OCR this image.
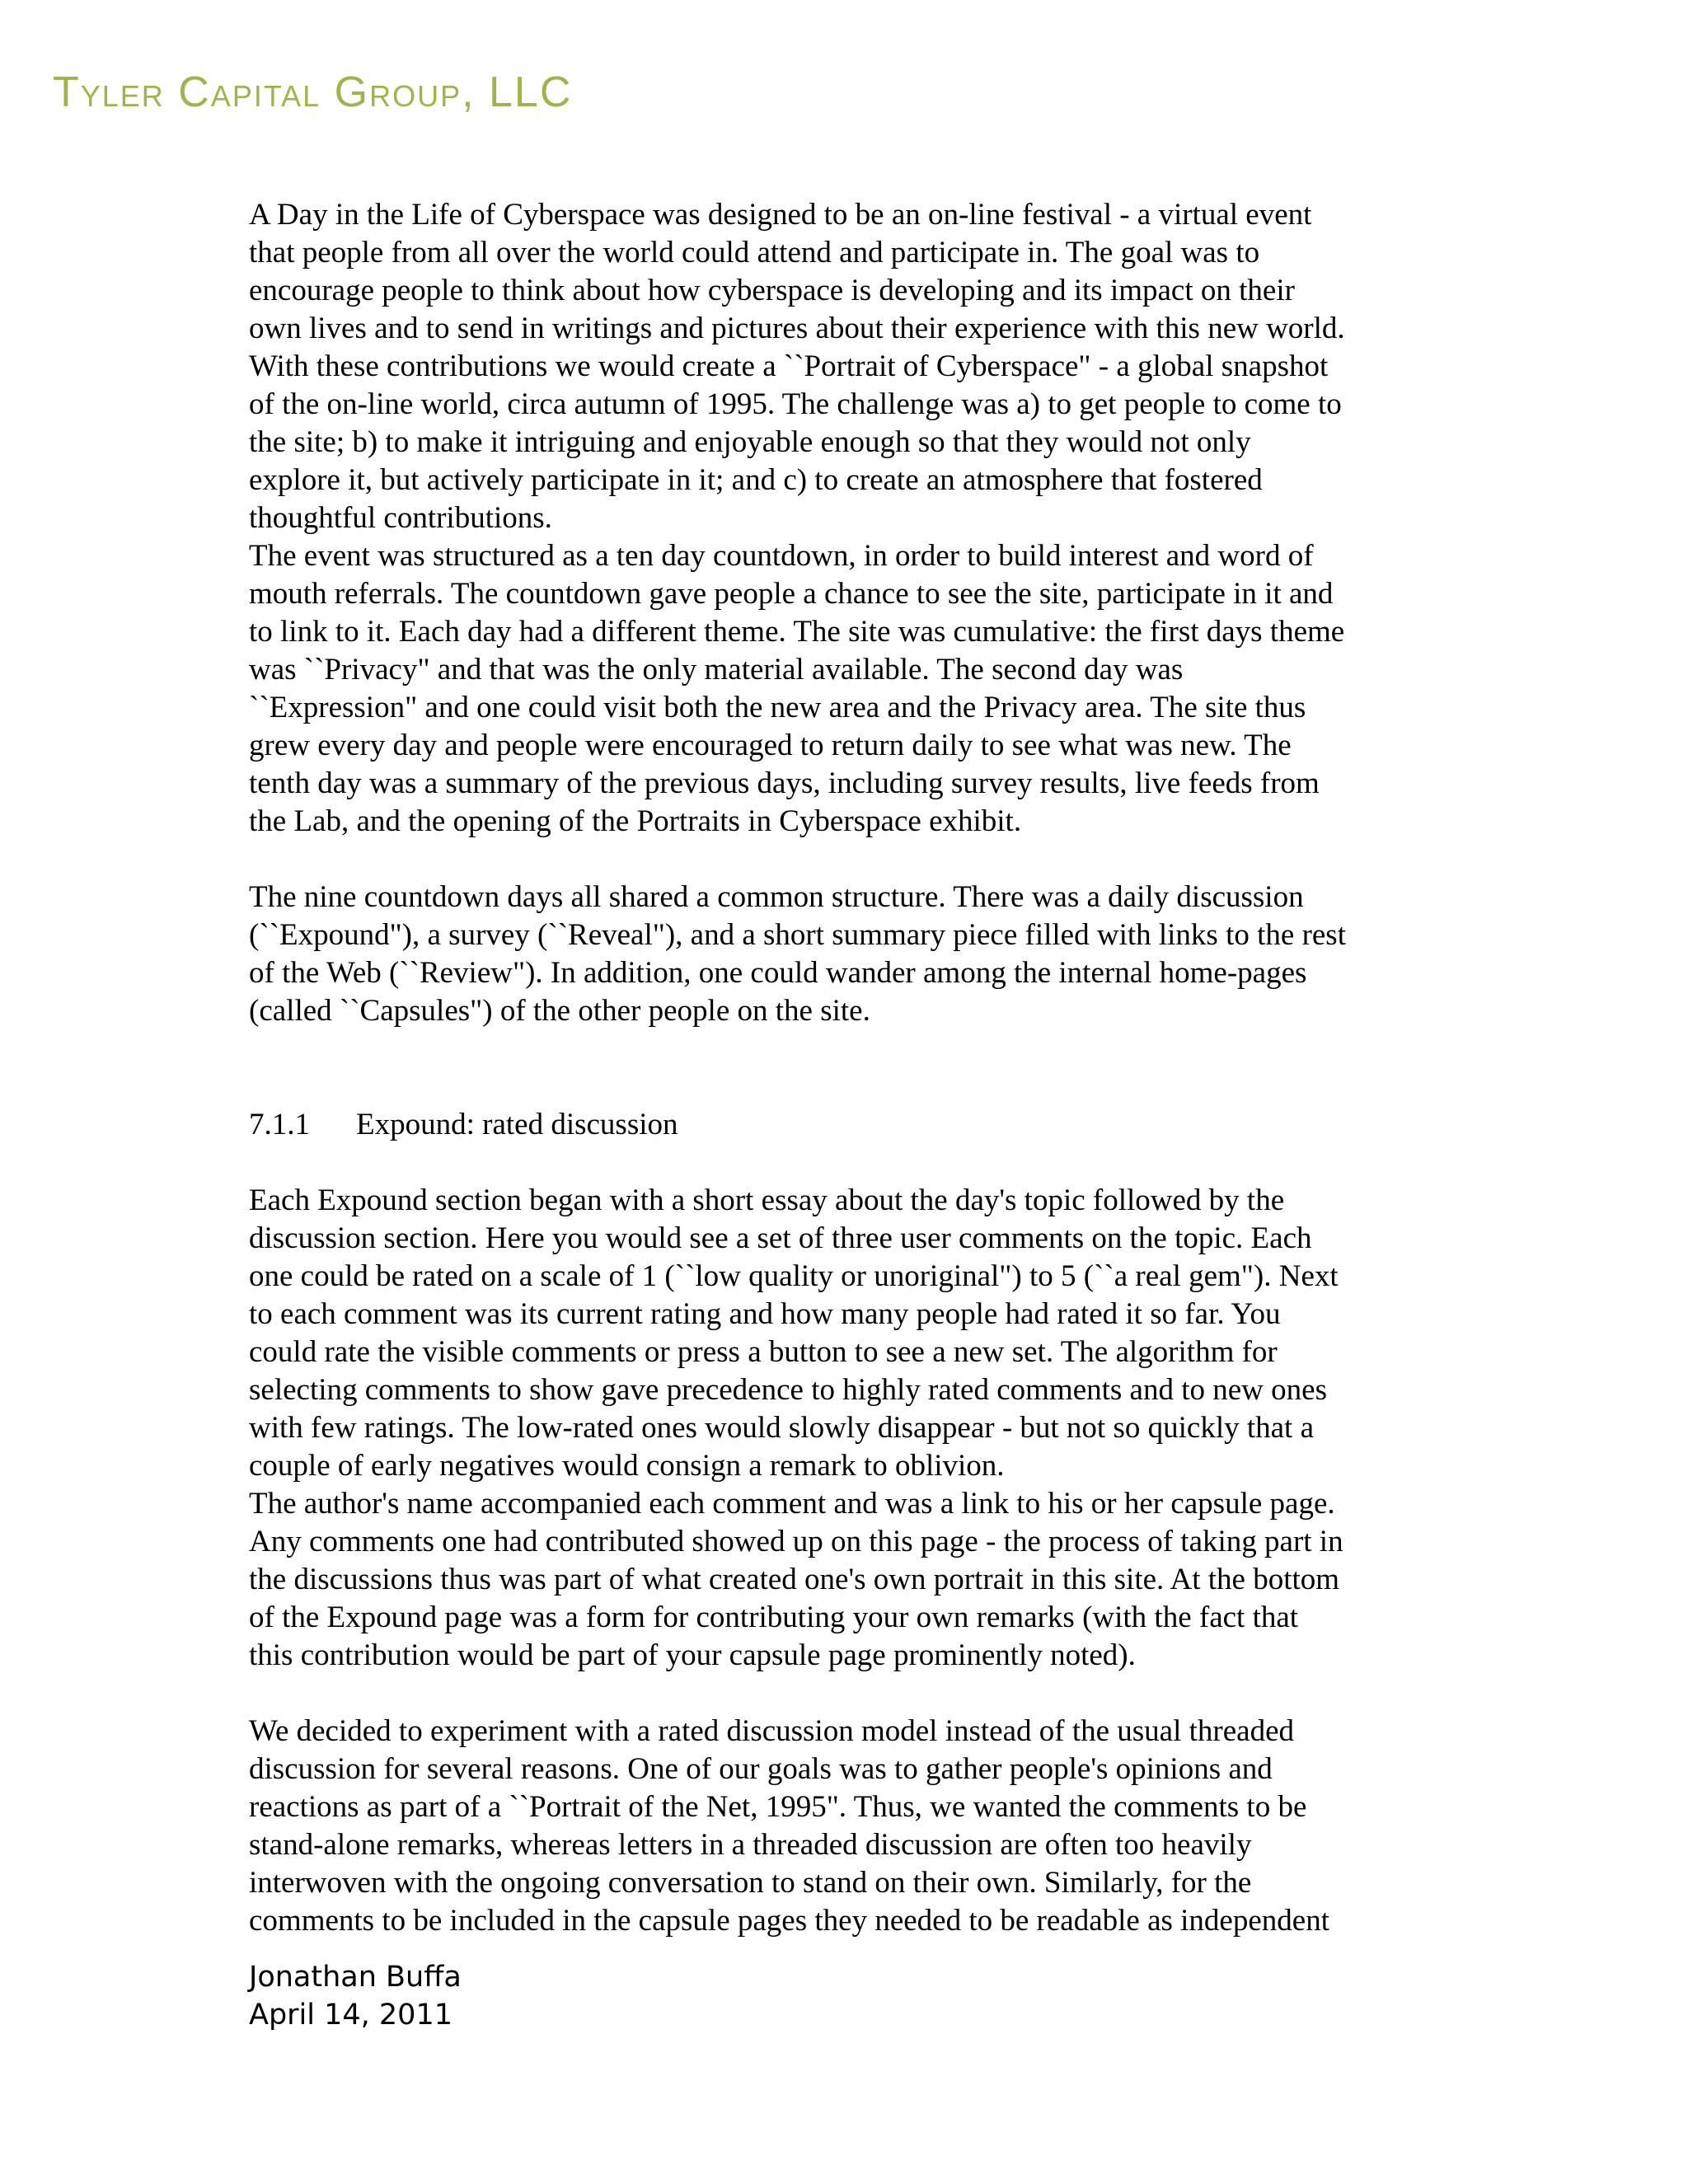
Tyler Capital Group, LLC

A Day in the Life of Cyberspace was designed to be an on-line festival - a virtual event

that people from all over the world could attend and participate in. The goal was to

encourage people to think about how cyberspace is developing and its impact on their

own lives and to send in writings and pictures about their experience with this new world.

With these contributions we would create a ``Portrait of Cyberspace" - a global snapshot

of the on-line world, circa autumn of 1995. The challenge was a) to get people to come to

the site; b) to make it intriguing and enjoyable enough so that they would not only

explore it, but actively participate in it; and c) to create an atmosphere that fostered

thoughtful contributions.

The event was structured as a ten day countdown, in order to build interest and word of

mouth referrals. The countdown gave people a chance to see the site, participate in it and

to link to it. Each day had a different theme. The site was cumulative: the first days theme

was ``Privacy" and that was the only material available. The second day was

``Expression" and one could visit both the new area and the Privacy area. The site thus

grew every day and people were encouraged to return daily to see what was new. The

tenth day was a summary of the previous days, including survey results, live feeds from

the Lab, and the opening of the Portraits in Cyberspace exhibit.

The nine countdown days all shared a common structure. There was a daily discussion

(``Expound"), a survey (``Reveal"), and a short summary piece filled with links to the rest

of the Web (``Review"). In addition, one could wander among the internal home-pages

(called ``Capsules") of the other people on the site.

7.1.1	Expound: rated discussion

Each Expound section began with a short essay about the day's topic followed by the

discussion section. Here you would see a set of three user comments on the topic. Each

one could be rated on a scale of 1 (``low quality or unoriginal") to 5 (``a real gem"). Next

to each comment was its current rating and how many people had rated it so far. You

could rate the visible comments or press a button to see a new set. The algorithm for

selecting comments to show gave precedence to highly rated comments and to new ones

with few ratings. The low-rated ones would slowly disappear - but not so quickly that a

couple of early negatives would consign a remark to oblivion.

The author's name accompanied each comment and was a link to his or her capsule page.

Any comments one had contributed showed up on this page - the process of taking part in

the discussions thus was part of what created one's own portrait in this site. At the bottom

of the Expound page was a form for contributing your own remarks (with the fact that

this contribution would be part of your capsule page prominently noted).

We decided to experiment with a rated discussion model instead of the usual threaded

discussion for several reasons. One of our goals was to gather people's opinions and

reactions as part of a ``Portrait of the Net, 1995". Thus, we wanted the comments to be

stand-alone remarks, whereas letters in a threaded discussion are often too heavily

interwoven with the ongoing conversation to stand on their own. Similarly, for the

comments to be included in the capsule pages they needed to be readable as independent

Jonathan Buffa
April 14, 2011
